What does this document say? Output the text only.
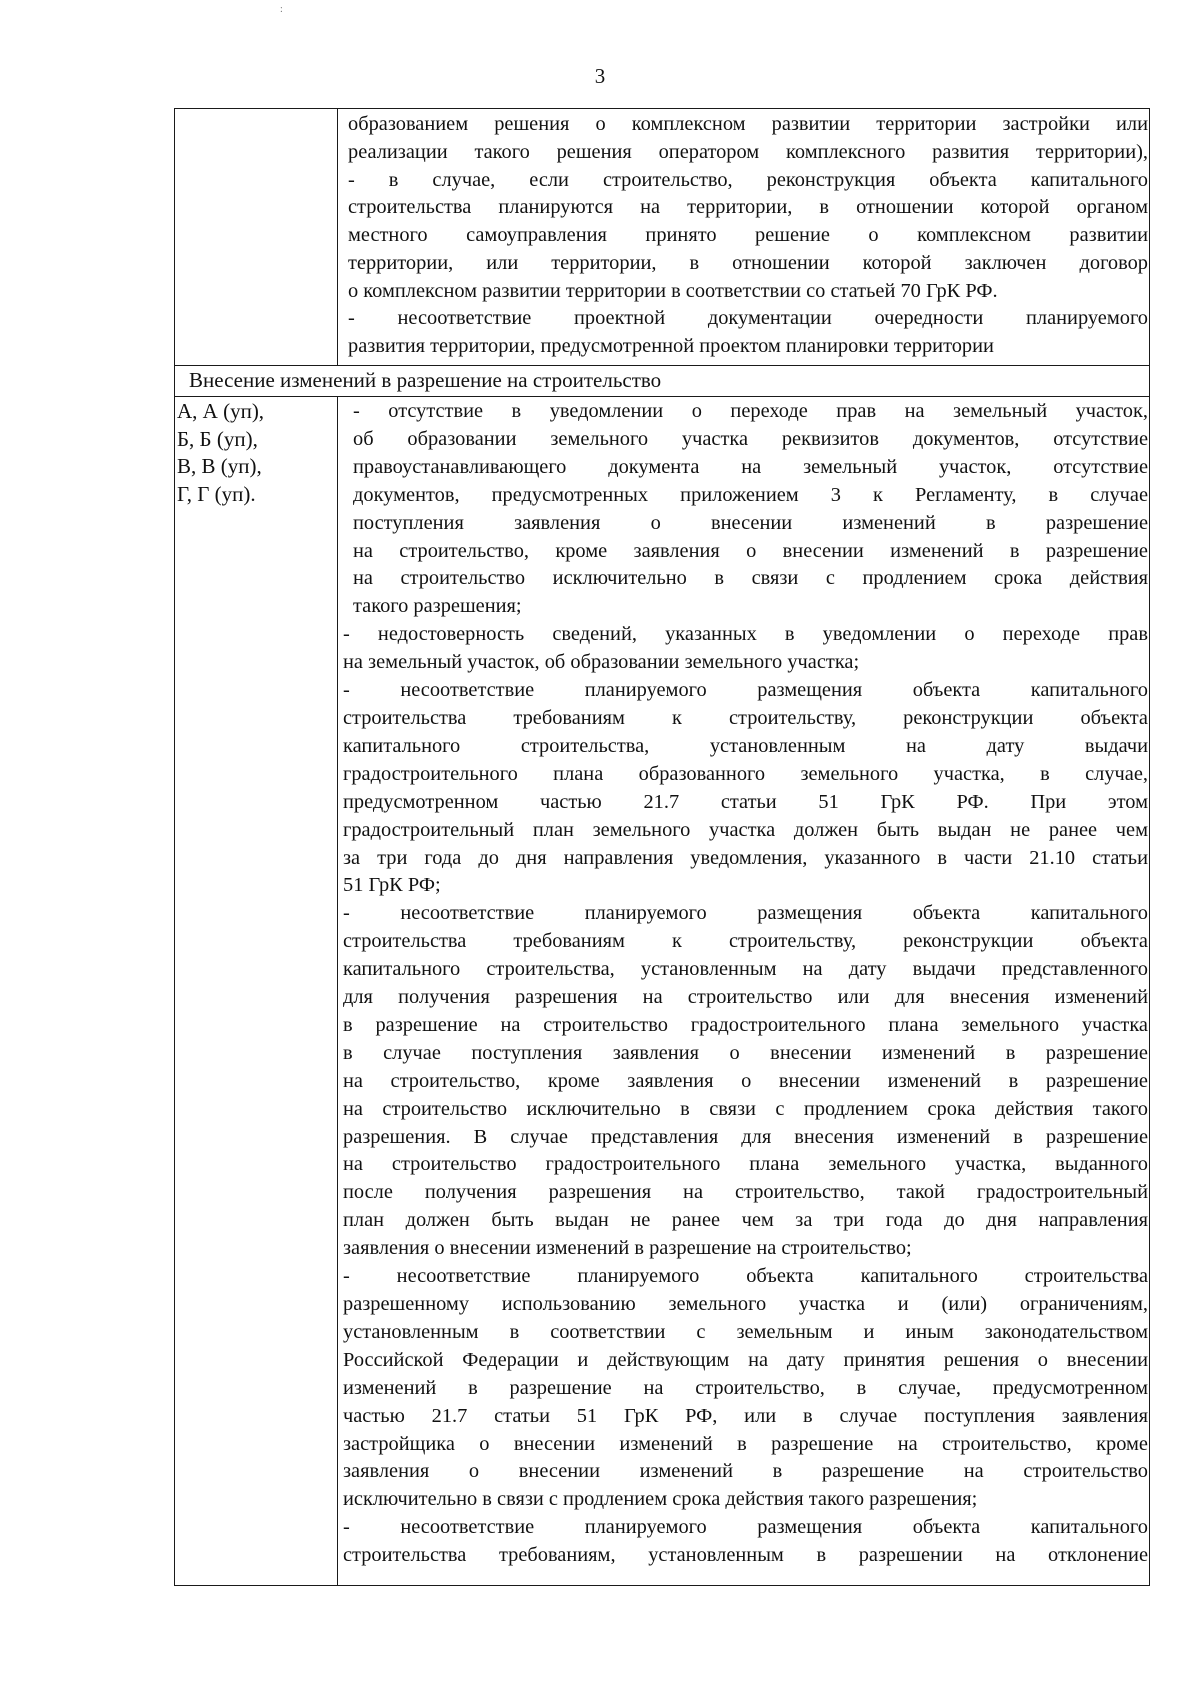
:
3
образованием решения о комплексном развитии территории застройки или
реализации такого решения оператором комплексного развития территории),
- в случае, если строительство, реконструкция объекта капитального
строительства планируются на территории, в отношении которой органом
местного самоуправления принято решение о комплексном развитии
территории, или территории, в отношении которой заключен договор
о комплексном развитии территории в соответствии со статьей 70 ГрК РФ.
- несоответствие проектной документации очередности планируемого
развития территории, предусмотренной проектом планировки территории
Внесение изменений в разрешение на строительство
А, А (уп),
Б, Б (уп),
В, В (уп),
Г, Г (уп).
- отсутствие в уведомлении о переходе прав на земельный участок,
об образовании земельного участка реквизитов документов, отсутствие
правоустанавливающего документа на земельный участок, отсутствие
документов, предусмотренных приложением 3 к Регламенту, в случае
поступления заявления о внесении изменений в разрешение
на строительство, кроме заявления о внесении изменений в разрешение
на строительство исключительно в связи с продлением срока действия
такого разрешения;
- недостоверность сведений, указанных в уведомлении о переходе прав
на земельный участок, об образовании земельного участка;
- несоответствие планируемого размещения объекта капитального
строительства требованиям к строительству, реконструкции объекта
капитального строительства, установленным на дату выдачи
градостроительного плана образованного земельного участка, в случае,
предусмотренном частью 21.7 статьи 51 ГрК РФ. При этом
градостроительный план земельного участка должен быть выдан не ранее чем
за три года до дня направления уведомления, указанного в части 21.10 статьи
51 ГрК РФ;
- несоответствие планируемого размещения объекта капитального
строительства требованиям к строительству, реконструкции объекта
капитального строительства, установленным на дату выдачи представленного
для получения разрешения на строительство или для внесения изменений
в разрешение на строительство градостроительного плана земельного участка
в случае поступления заявления о внесении изменений в разрешение
на строительство, кроме заявления о внесении изменений в разрешение
на строительство исключительно в связи с продлением срока действия такого
разрешения. В случае представления для внесения изменений в разрешение
на строительство градостроительного плана земельного участка, выданного
после получения разрешения на строительство, такой градостроительный
план должен быть выдан не ранее чем за три года до дня направления
заявления о внесении изменений в разрешение на строительство;
- несоответствие планируемого объекта капитального строительства
разрешенному использованию земельного участка и (или) ограничениям,
установленным в соответствии с земельным и иным законодательством
Российской Федерации и действующим на дату принятия решения о внесении
изменений в разрешение на строительство, в случае, предусмотренном
частью 21.7 статьи 51 ГрК РФ, или в случае поступления заявления
застройщика о внесении изменений в разрешение на строительство, кроме
заявления о внесении изменений в разрешение на строительство
исключительно в связи с продлением срока действия такого разрешения;
- несоответствие планируемого размещения объекта капитального
строительства требованиям, установленным в разрешении на отклонение
